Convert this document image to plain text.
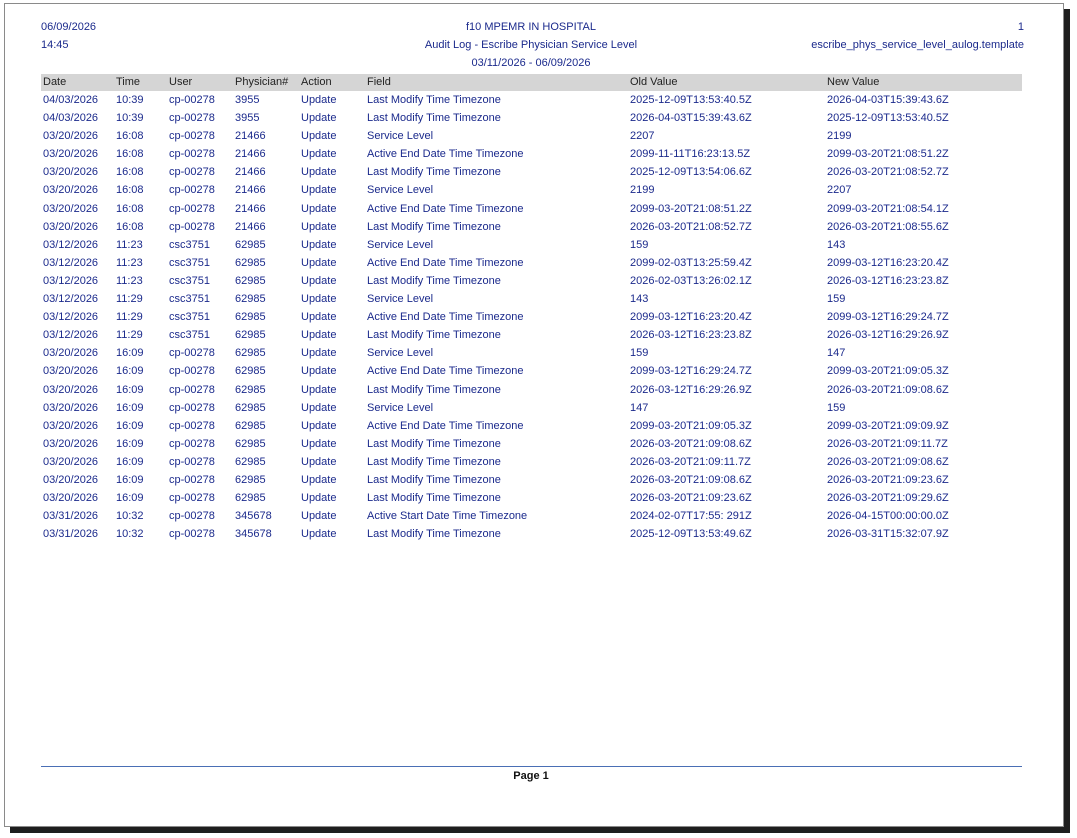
06/09/2026
14:45
f10 MPEMR IN HOSPITAL
Audit Log - Escribe Physician Service Level
03/11/2026 - 06/09/2026
1
escribe_phys_service_level_aulog.template
Date	Time	User	Physician# Action	Field	Old Value	New Value
04/03/2026 10:39 cp-00278 3955	Update	Last Modify Time Timezone	2025-12-09T13:53:40.5Z	2026-04-03T15:39:43.6Z
04/03/2026 10:39 cp-00278 3955	Update	Last Modify Time Timezone	2026-04-03T15:39:43.6Z	2025-12-09T13:53:40.5Z
03/20/2026 16:08 cp-00278 21466	Update	Service Level	2207	2199
03/20/2026 16:08 cp-00278 21466	Update	Active End Date Time Timezone	2099-11-11T16:23:13.5Z	2099-03-20T21:08:51.2Z
03/20/2026 16:08 cp-00278 21466	Update	Last Modify Time Timezone	2025-12-09T13:54:06.6Z	2026-03-20T21:08:52.7Z
03/20/2026 16:08 cp-00278 21466	Update	Service Level	2199	2207
03/20/2026 16:08 cp-00278 21466	Update	Active End Date Time Timezone	2099-03-20T21:08:51.2Z	2099-03-20T21:08:54.1Z
03/20/2026 16:08 cp-00278 21466	Update	Last Modify Time Timezone	2026-03-20T21:08:52.7Z	2026-03-20T21:08:55.6Z
03/12/2026 11:23 csc3751 62985	Update	Service Level	159	143
03/12/2026 11:23 csc3751 62985	Update	Active End Date Time Timezone	2099-02-03T13:25:59.4Z	2099-03-12T16:23:20.4Z
03/12/2026 11:23 csc3751 62985	Update	Last Modify Time Timezone	2026-02-03T13:26:02.1Z	2026-03-12T16:23:23.8Z
03/12/2026 11:29 csc3751 62985	Update	Service Level	143	159
03/12/2026 11:29 csc3751 62985	Update	Active End Date Time Timezone	2099-03-12T16:23:20.4Z	2099-03-12T16:29:24.7Z
03/12/2026 11:29 csc3751 62985	Update	Last Modify Time Timezone	2026-03-12T16:23:23.8Z	2026-03-12T16:29:26.9Z
03/20/2026 16:09 cp-00278 62985	Update	Service Level	159	147
03/20/2026 16:09 cp-00278 62985	Update	Active End Date Time Timezone	2099-03-12T16:29:24.7Z	2099-03-20T21:09:05.3Z
03/20/2026 16:09 cp-00278 62985	Update	Last Modify Time Timezone	2026-03-12T16:29:26.9Z	2026-03-20T21:09:08.6Z
03/20/2026 16:09 cp-00278 62985	Update	Service Level	147	159
03/20/2026 16:09 cp-00278 62985	Update	Active End Date Time Timezone	2099-03-20T21:09:05.3Z	2099-03-20T21:09:09.9Z
03/20/2026 16:09 cp-00278 62985	Update	Last Modify Time Timezone	2026-03-20T21:09:08.6Z	2026-03-20T21:09:11.7Z
03/20/2026 16:09 cp-00278 62985	Update	Last Modify Time Timezone	2026-03-20T21:09:11.7Z	2026-03-20T21:09:08.6Z
03/20/2026 16:09 cp-00278 62985	Update	Last Modify Time Timezone	2026-03-20T21:09:08.6Z	2026-03-20T21:09:23.6Z
03/20/2026 16:09 cp-00278 62985	Update	Last Modify Time Timezone	2026-03-20T21:09:23.6Z	2026-03-20T21:09:29.6Z
03/31/2026 10:32 cp-00278 345678	Update	Active Start Date Time Timezone	2024-02-07T17:55: 291Z	2026-04-15T00:00:00.0Z
03/31/2026 10:32 cp-00278 345678	Update	Last Modify Time Timezone	2025-12-09T13:53:49.6Z	2026-03-31T15:32:07.9Z
Page 1
